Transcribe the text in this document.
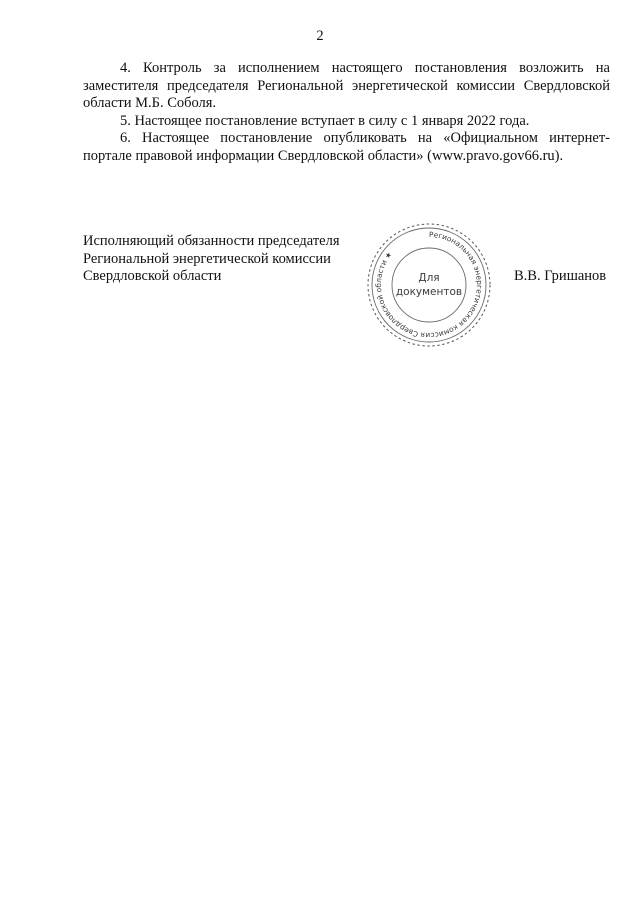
2

4. Контроль за исполнением настоящего постановления возложить на заместителя председателя Региональной энергетической комиссии Свердловской области М.Б. Соболя.

5. Настоящее постановление вступает в силу с 1 января 2022 года.

6. Настоящее постановление опубликовать на «Официальном интернет-портале правовой информации Свердловской области» (www.pravo.gov66.ru).

Исполняющий обязанности председателя
Региональной энергетической комиссии
Свердловской области
Региональная энергетическая комиссия Свердловской области ★
Для
документов
В.В. Гришанов
